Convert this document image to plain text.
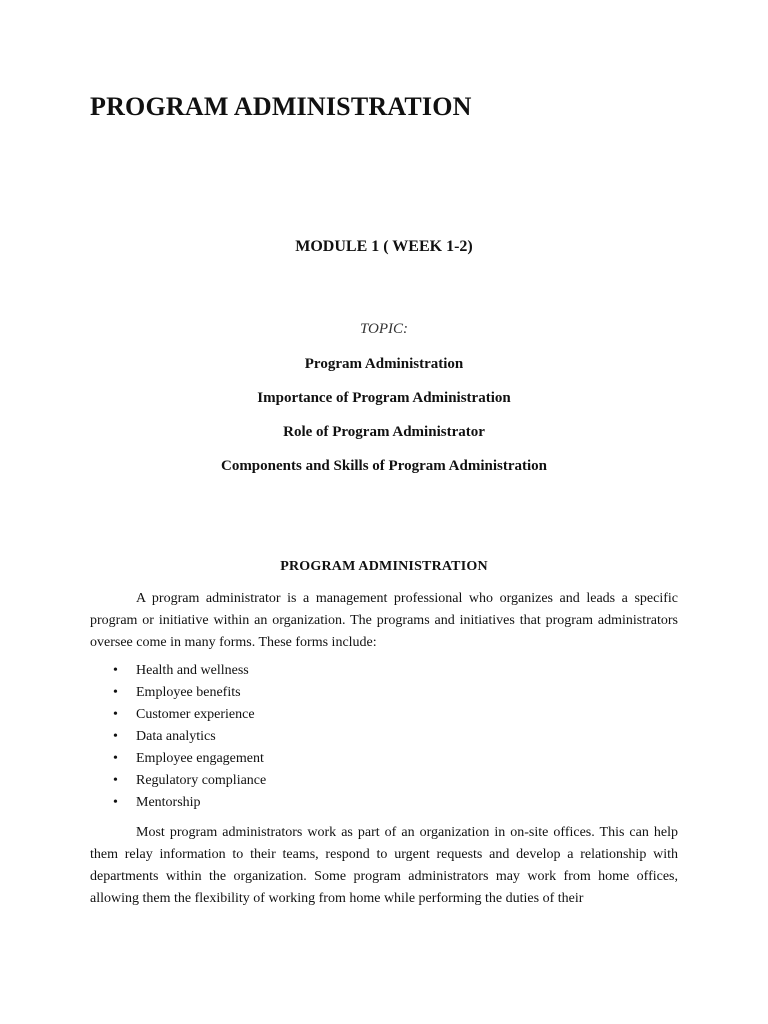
PROGRAM ADMINISTRATION
MODULE 1 ( WEEK 1-2)

TOPIC:

Program Administration
Importance of Program Administration
Role of Program Administrator
Components and Skills of Program Administration
PROGRAM ADMINISTRATION

A program administrator is a management professional who organizes and leads a specific program or initiative within an organization. The programs and initiatives that program administrators oversee come in many forms. These forms include:

• Health and wellness
• Employee benefits
• Customer experience
• Data analytics
• Employee engagement
• Regulatory compliance
• Mentorship

Most program administrators work as part of an organization in on-site offices. This can help them relay information to their teams, respond to urgent requests and develop a relationship with departments within the organization. Some program administrators may work from home offices, allowing them the flexibility of working from home while performing the duties of their
